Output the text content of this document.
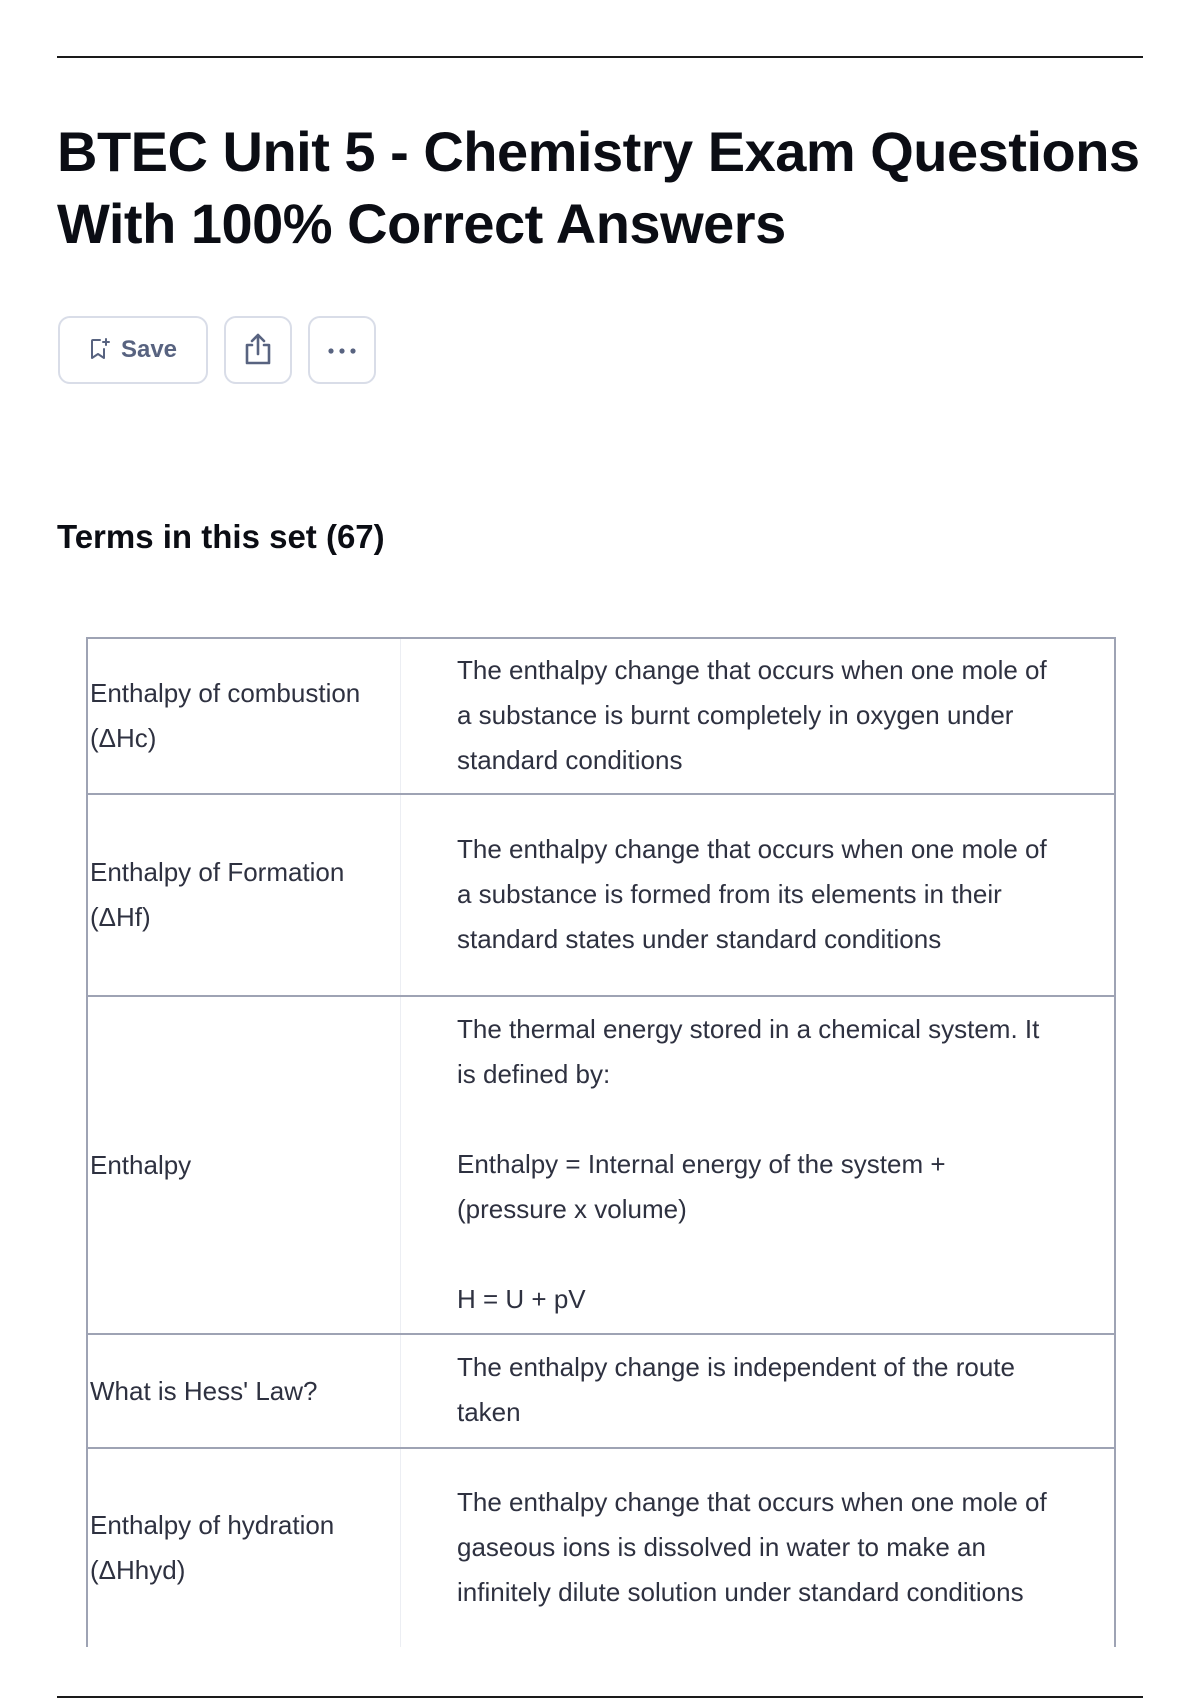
BTEC Unit 5 - Chemistry Exam Questions With 100% Correct Answers
Save
Terms in this set (67)
Enthalpy of combustion (ΔHc)	The enthalpy change that occurs when one mole of a substance is burnt completely in oxygen under standard conditions
Enthalpy of Formation (ΔHf)	The enthalpy change that occurs when one mole of a substance is formed from its elements in their standard states under standard conditions
Enthalpy	The thermal energy stored in a chemical system. It is defined by:

Enthalpy = Internal energy of the system + (pressure x volume)

H = U + pV
What is Hess' Law?	The enthalpy change is independent of the route taken
Enthalpy of hydration (ΔHhyd)	The enthalpy change that occurs when one mole of gaseous ions is dissolved in water to make an infinitely dilute solution under standard conditions
